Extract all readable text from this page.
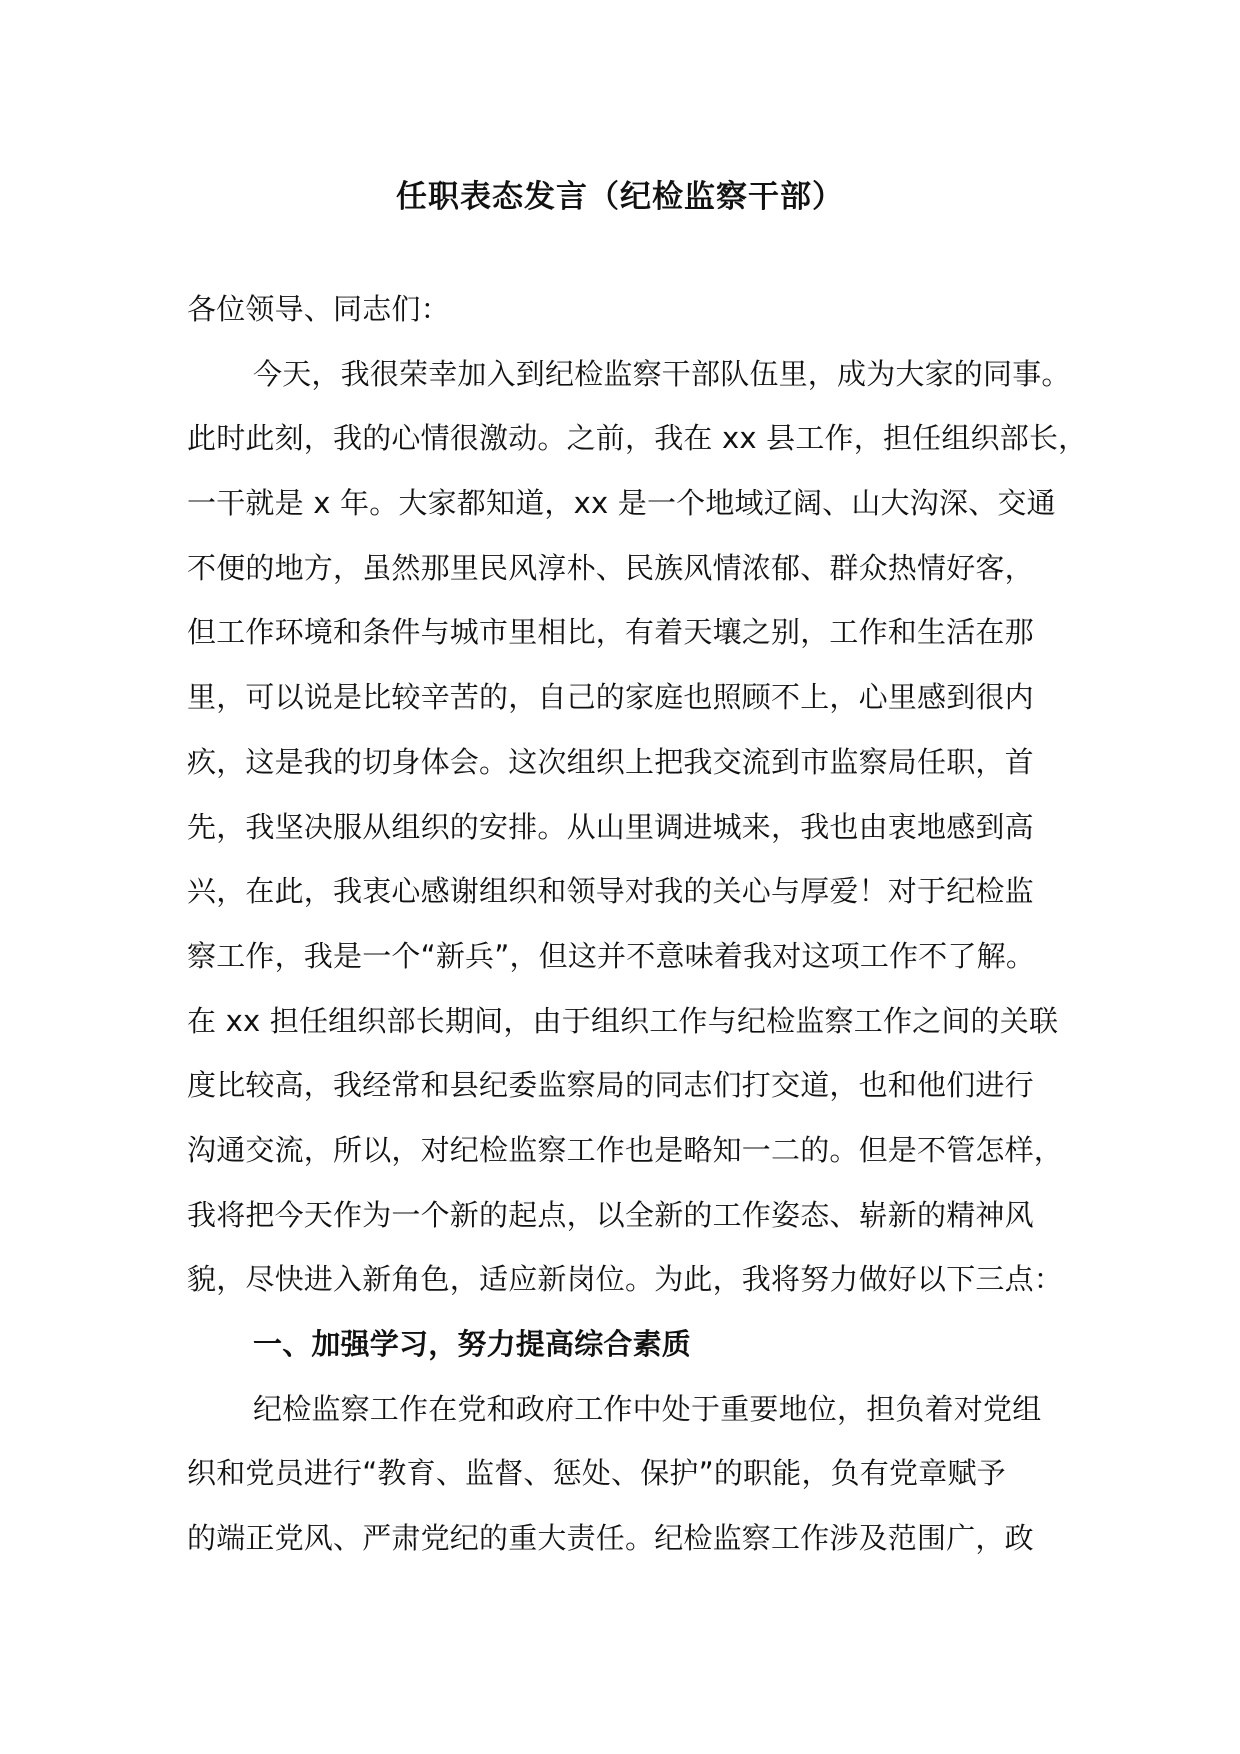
任职表态发言（纪检监察干部）
各位领导、同志们：
今天，我很荣幸加入到纪检监察干部队伍里，成为大家的同事。
此时此刻，我的心情很激动。之前，我在 xx 县工作，担任组织部长，
一干就是 x 年。大家都知道，xx 是一个地域辽阔、山大沟深、交通
不便的地方，虽然那里民风淳朴、民族风情浓郁、群众热情好客，
但工作环境和条件与城市里相比，有着天壤之别，工作和生活在那
里，可以说是比较辛苦的，自己的家庭也照顾不上，心里感到很内
疚，这是我的切身体会。这次组织上把我交流到市监察局任职，首
先，我坚决服从组织的安排。从山里调进城来，我也由衷地感到高
兴，在此，我衷心感谢组织和领导对我的关心与厚爱！对于纪检监
察工作，我是一个“新兵”，但这并不意味着我对这项工作不了解。
在 xx 担任组织部长期间，由于组织工作与纪检监察工作之间的关联
度比较高，我经常和县纪委监察局的同志们打交道，也和他们进行
沟通交流，所以，对纪检监察工作也是略知一二的。但是不管怎样，
我将把今天作为一个新的起点，以全新的工作姿态、崭新的精神风
貌，尽快进入新角色，适应新岗位。为此，我将努力做好以下三点：
一、加强学习，努力提高综合素质
纪检监察工作在党和政府工作中处于重要地位，担负着对党组
织和党员进行“教育、监督、惩处、保护”的职能，负有党章赋予
的端正党风、严肃党纪的重大责任。纪检监察工作涉及范围广，政
